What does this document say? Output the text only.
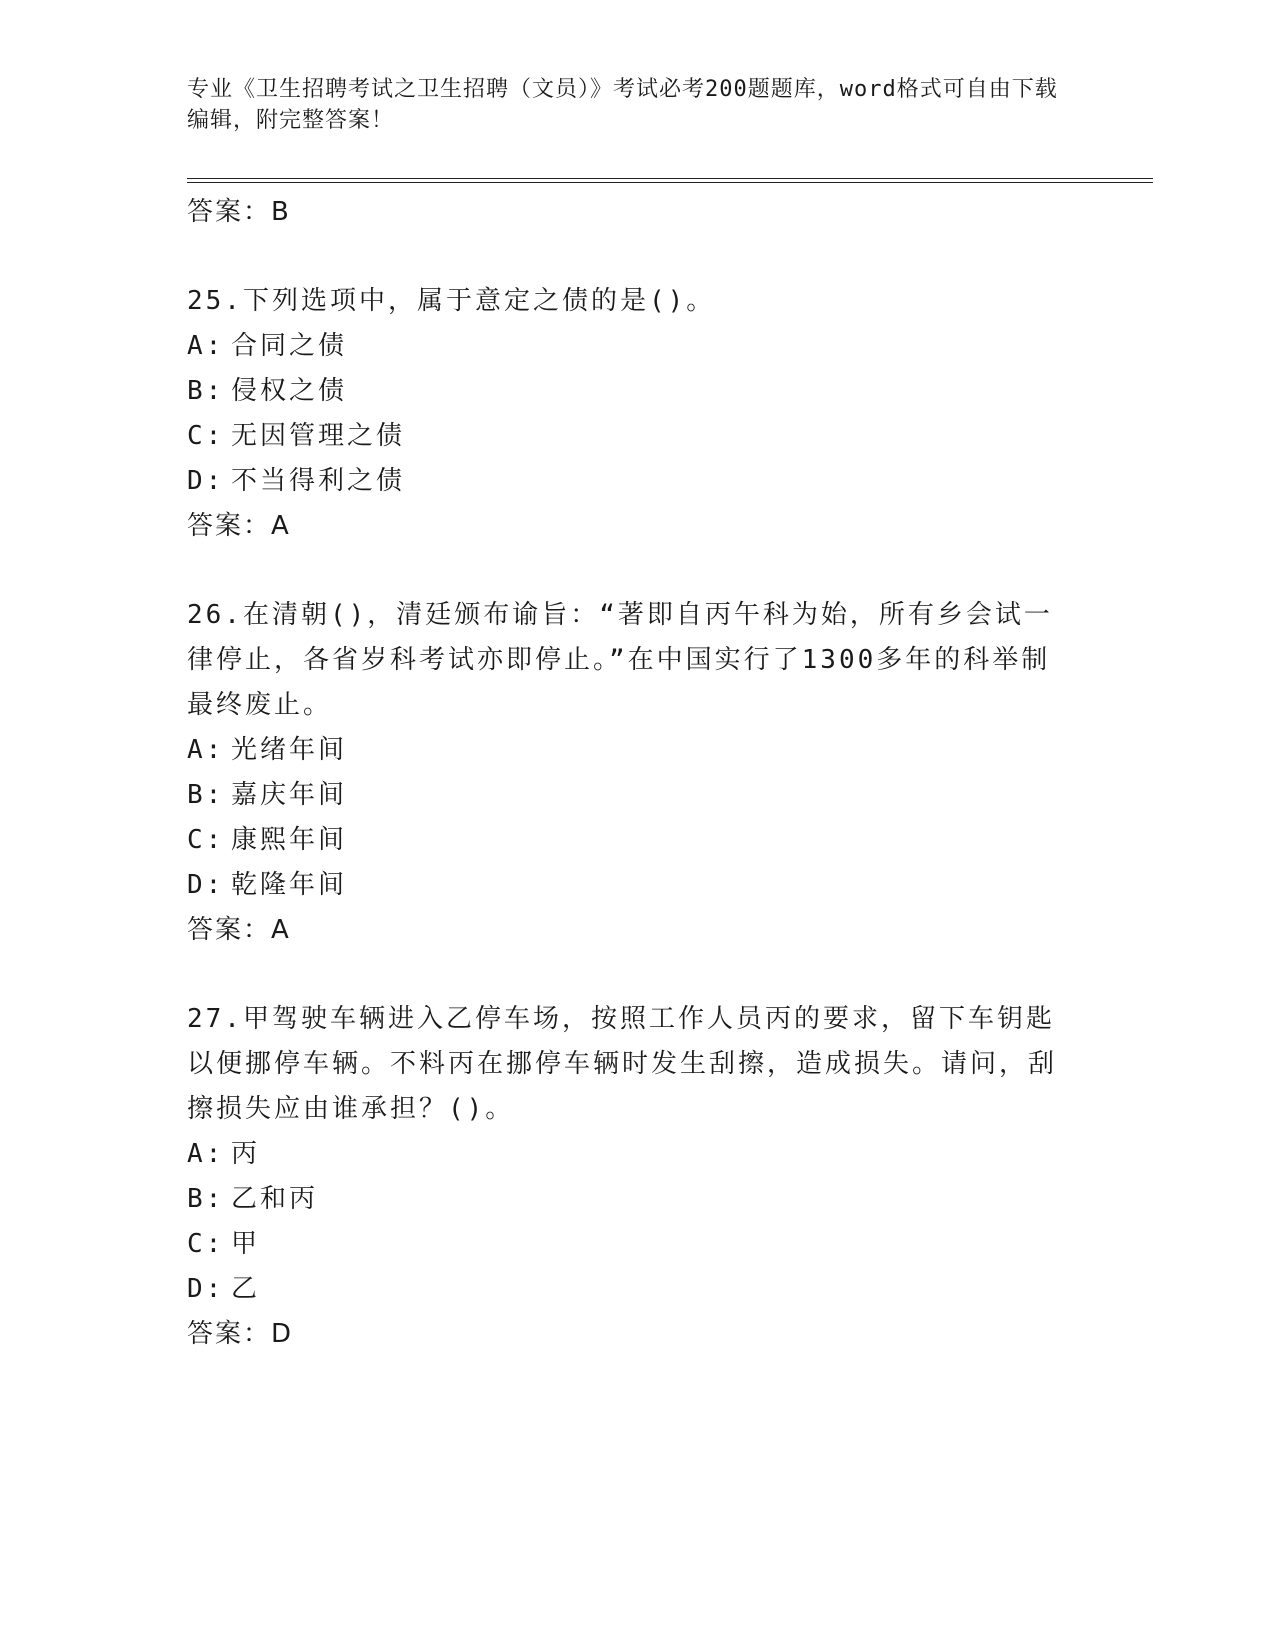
专业《卫生招聘考试之卫生招聘（文员）》考试必考200题题库，word格式可自由下载编辑，附完整答案！

答案：B

25.下列选项中，属于意定之债的是()。

A: 合同之债
B: 侵权之债
C: 无因管理之债
D: 不当得利之债

答案：A

26.在清朝()，清廷颁布谕旨：“著即自丙午科为始，所有乡会试一律停止，各省岁科考试亦即停止。”在中国实行了1300多年的科举制最终废止。

A: 光绪年间
B: 嘉庆年间
C: 康熙年间
D: 乾隆年间

答案：A

27.甲驾驶车辆进入乙停车场，按照工作人员丙的要求，留下车钥匙以便挪停车辆。不料丙在挪停车辆时发生刮擦，造成损失。请问，刮擦损失应由谁承担？()。

A: 丙
B: 乙和丙
C: 甲
D: 乙

答案：D
